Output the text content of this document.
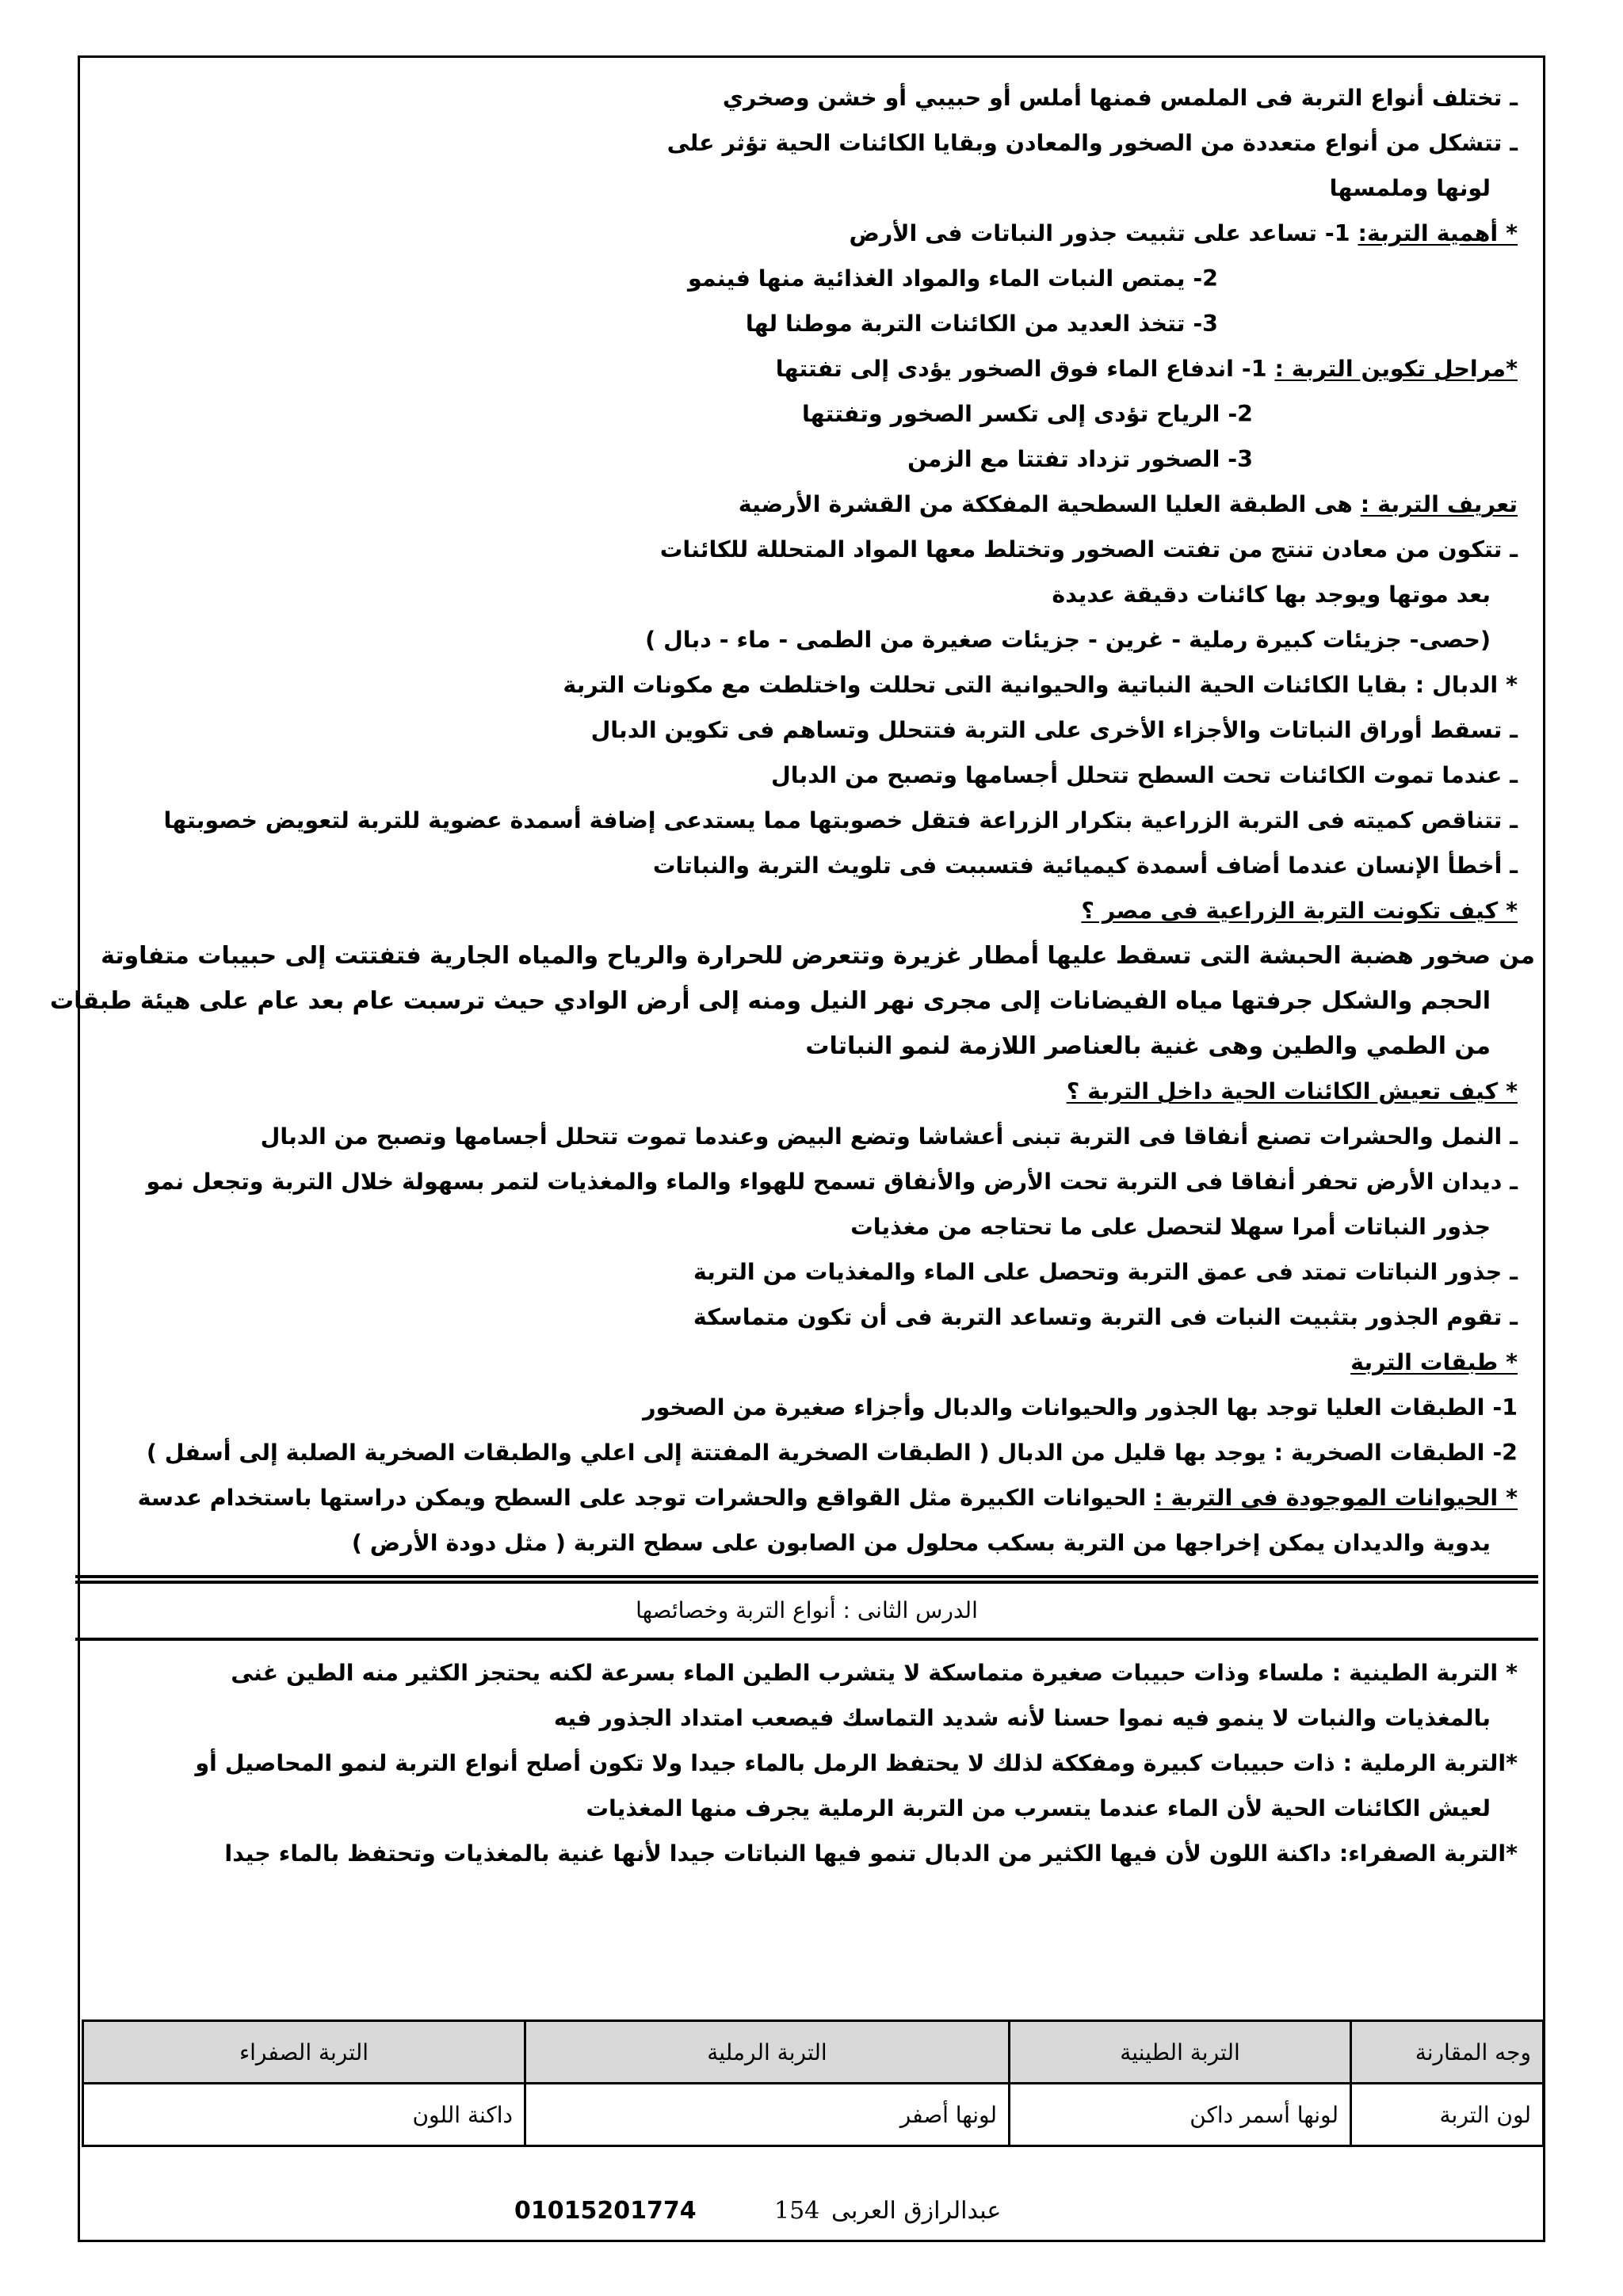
ـ تختلف أنواع التربة فى الملمس فمنها أملس أو حبيبي أو خشن وصخري
ـ تتشكل من أنواع متعددة من الصخور والمعادن وبقايا الكائنات الحية تؤثر على
لونها وملمسها
* أهمية التربة: 1- تساعد على تثبيت جذور النباتات فى الأرض
2- يمتص النبات الماء والمواد الغذائية منها فينمو
3- تتخذ العديد من الكائنات التربة موطنا لها
*مراحل تكوين التربة : 1- اندفاع الماء فوق الصخور يؤدى إلى تفتتها
2- الرياح تؤدى إلى تكسر الصخور وتفتتها
3- الصخور تزداد تفتتا مع الزمن
تعريف التربة : هى الطبقة العليا السطحية المفككة من القشرة الأرضية
ـ تتكون من معادن تنتج من تفتت الصخور وتختلط معها المواد المتحللة للكائنات
بعد موتها ويوجد بها كائنات دقيقة عديدة
(حصى- جزيئات كبيرة رملية - غرين - جزيئات صغيرة من الطمى - ماء - دبال )
* الدبال : بقايا الكائنات الحية النباتية والحيوانية التى تحللت واختلطت مع مكونات التربة
ـ تسقط أوراق النباتات والأجزاء الأخرى على التربة فتتحلل وتساهم فى تكوين الدبال
ـ عندما تموت الكائنات تحت السطح تتحلل أجسامها وتصبح من الدبال
ـ تتناقص كميته فى التربة الزراعية بتكرار الزراعة فتقل خصوبتها مما يستدعى إضافة أسمدة عضوية للتربة لتعويض خصوبتها
ـ أخطأ الإنسان عندما أضاف أسمدة كيميائية فتسببت فى تلويث التربة والنباتات
* كيف تكونت التربة الزراعية فى مصر ؟
من صخور هضبة الحبشة التى تسقط عليها أمطار غزيرة وتتعرض للحرارة والرياح والمياه الجارية فتفتتت إلى حبيبات متفاوتة
الحجم والشكل جرفتها مياه الفيضانات إلى مجرى نهر النيل ومنه إلى أرض الوادي حيث ترسبت عام بعد عام على هيئة طبقات
من الطمي والطين وهى غنية بالعناصر اللازمة لنمو النباتات
* كيف تعيش الكائنات الحية داخل التربة ؟
ـ النمل والحشرات تصنع أنفاقا فى التربة تبنى أعشاشا وتضع البيض وعندما تموت تتحلل أجسامها وتصبح من الدبال
ـ ديدان الأرض تحفر أنفاقا فى التربة تحت الأرض والأنفاق تسمح للهواء والماء والمغذيات لتمر بسهولة خلال التربة وتجعل نمو
جذور النباتات أمرا سهلا لتحصل على ما تحتاجه من مغذيات
ـ جذور النباتات تمتد فى عمق التربة وتحصل على الماء والمغذيات من التربة
ـ تقوم الجذور بتثبيت النبات فى التربة وتساعد التربة فى أن تكون متماسكة
* طبقات التربة
1- الطبقات العليا توجد بها الجذور والحيوانات والدبال وأجزاء صغيرة من الصخور
2- الطبقات الصخرية : يوجد بها قليل من الدبال ( الطبقات الصخرية المفتتة إلى اعلي والطبقات الصخرية الصلبة إلى أسفل )
* الحيوانات الموجودة فى التربة : الحيوانات الكبيرة مثل القواقع والحشرات توجد على السطح ويمكن دراستها باستخدام عدسة
يدوية والديدان يمكن إخراجها من التربة بسكب محلول من الصابون على سطح التربة ( مثل دودة الأرض )
الدرس الثانى : أنواع التربة وخصائصها
* التربة الطينية : ملساء وذات حبيبات صغيرة متماسكة لا يتشرب الطين الماء بسرعة لكنه يحتجز الكثير منه الطين غنى
بالمغذيات والنبات لا ينمو فيه نموا حسنا لأنه شديد التماسك فيصعب امتداد الجذور فيه
*التربة الرملية : ذات حبيبات كبيرة ومفككة لذلك لا يحتفظ الرمل بالماء جيدا ولا تكون أصلح أنواع التربة لنمو المحاصيل أو
لعيش الكائنات الحية لأن الماء عندما يتسرب من التربة الرملية يجرف منها المغذيات
*التربة الصفراء: داكنة اللون لأن فيها الكثير من الدبال تنمو فيها النباتات جيدا لأنها غنية بالمغذيات وتحتفظ بالماء جيدا
وجه المقارنة	التربة الطينية	التربة الرملية	التربة الصفراء
لون التربة	لونها أسمر داكن	لونها أصفر	داكنة اللون
01015201774	154 عبدالرازق العربى
